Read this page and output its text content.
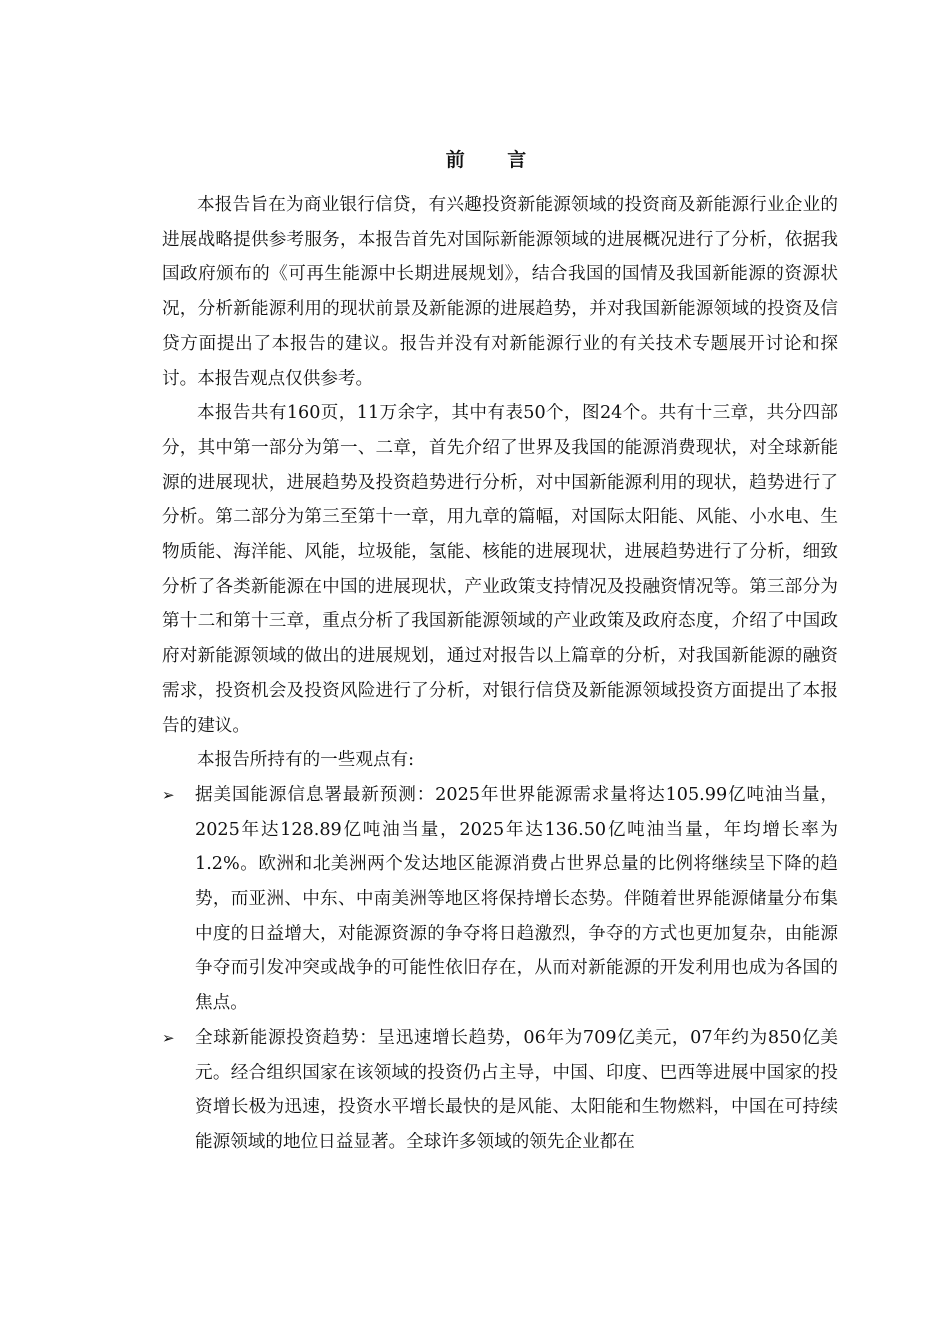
前 言

本报告旨在为商业银行信贷，有兴趣投资新能源领域的投资商及新能源行业企业的进展战略提供参考服务，本报告首先对国际新能源领域的进展概况进行了分析，依据我国政府颁布的《可再生能源中长期进展规划》，结合我国的国情及我国新能源的资源状况，分析新能源利用的现状前景及新能源的进展趋势，并对我国新能源领域的投资及信贷方面提出了本报告的建议。报告并没有对新能源行业的有关技术专题展开讨论和探讨。本报告观点仅供参考。

本报告共有160页，11万余字，其中有表50个，图24个。共有十三章，共分四部分，其中第一部分为第一、二章，首先介绍了世界及我国的能源消费现状，对全球新能源的进展现状，进展趋势及投资趋势进行分析，对中国新能源利用的现状，趋势进行了分析。第二部分为第三至第十一章，用九章的篇幅，对国际太阳能、风能、小水电、生物质能、海洋能、风能，垃圾能，氢能、核能的进展现状，进展趋势进行了分析，细致分析了各类新能源在中国的进展现状，产业政策支持情况及投融资情况等。第三部分为第十二和第十三章，重点分析了我国新能源领域的产业政策及政府态度，介绍了中国政府对新能源领域的做出的进展规划，通过对报告以上篇章的分析，对我国新能源的融资需求，投资机会及投资风险进行了分析，对银行信贷及新能源领域投资方面提出了本报告的建议。

本报告所持有的一些观点有:

➢	据美国能源信息署最新预测：2025年世界能源需求量将达105.99亿吨油当量，2025年达128.89亿吨油当量，2025年达136.50亿吨油当量，年均增长率为1.2%。欧洲和北美洲两个发达地区能源消费占世界总量的比例将继续呈下降的趋势，而亚洲、中东、中南美洲等地区将保持增长态势。伴随着世界能源储量分布集中度的日益增大，对能源资源的争夺将日趋激烈，争夺的方式也更加复杂，由能源争夺而引发冲突或战争的可能性依旧存在，从而对新能源的开发利用也成为各国的焦点。
➢	全球新能源投资趋势：呈迅速增长趋势，06年为709亿美元，07年约为850亿美元。经合组织国家在该领域的投资仍占主导，中国、印度、巴西等进展中国家的投资增长极为迅速，投资水平增长最快的是风能、太阳能和生物燃料，中国在可持续能源领域的地位日益显著。全球许多领域的领先企业都在
